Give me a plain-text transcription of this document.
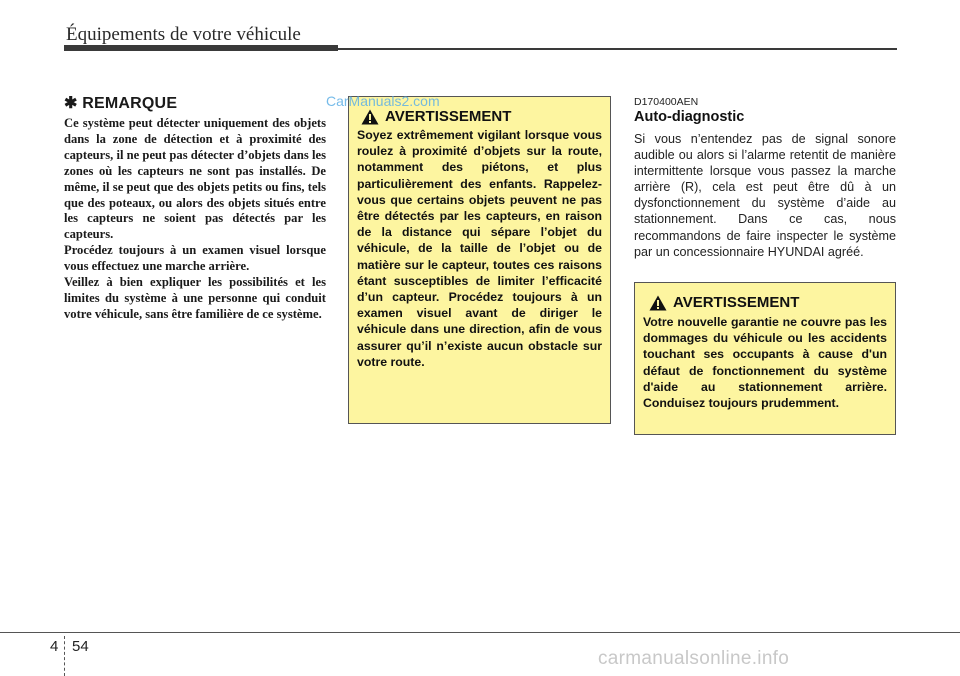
Équipements de votre véhicule
✱ REMARQUE

Ce système peut détecter uniquement des objets dans la zone de détection et à proximité des capteurs, il ne peut pas détecter d’objets dans les zones où les capteurs ne sont pas installés. De même, il se peut que des objets petits ou fins, tels que des poteaux, ou alors des objets situés entre les capteurs ne soient pas détectés par les capteurs.

Procédez toujours à un examen visuel lorsque vous effectuez une marche arrière.

Veillez à bien expliquer les possibilités et les limites du système à une personne qui conduit votre véhicule, sans être familière de ce système.

AVERTISSEMENT
Soyez extrêmement vigilant lorsque vous roulez à proximité d’objets sur la route, notamment des piétons, et plus particulièrement des enfants. Rappelez-vous que certains objets peuvent ne pas être détectés par les capteurs, en raison de la distance qui sépare l’objet du véhicule, de la taille de l’objet ou de matière sur le capteur, toutes ces raisons étant susceptibles de limiter l’efficacité d’un capteur. Procédez toujours à un examen visuel avant de diriger le véhicule dans une direction, afin de vous assurer qu’il n’existe aucun obstacle sur votre route.
CarManuals2.com	D170400AEN
Auto-diagnostic
Si vous n’entendez pas de signal sonore audible ou alors si l’alarme retentit de manière intermittente lorsque vous passez la marche arrière (R), cela est peut être dû à un dysfonctionnement du système d’aide au stationnement. Dans ce cas, nous recommandons de faire inspecter le système par un concessionnaire HYUNDAI agréé.
AVERTISSEMENT
Votre nouvelle garantie ne couvre pas les dommages du véhicule ou les accidents touchant ses occupants à cause d'un défaut de fonctionnement du système d'aide au stationnement arrière. Conduisez toujours prudemment.
4 54
carmanualsonline.info
